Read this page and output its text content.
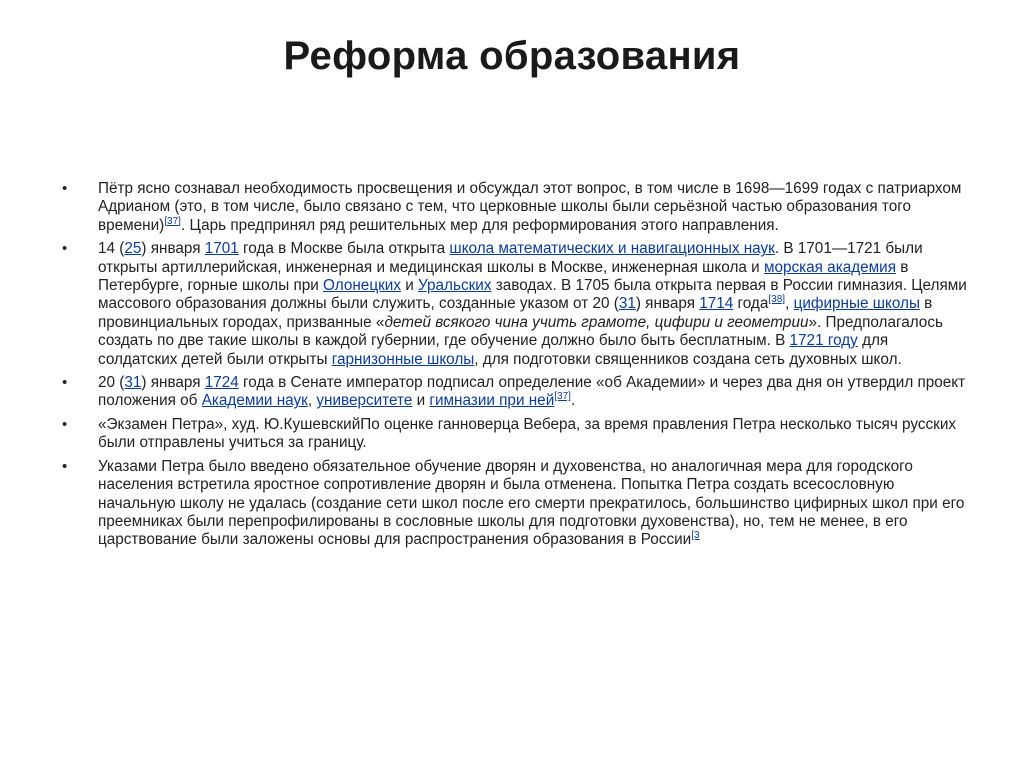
Реформа образования
• Пётр ясно сознавал необходимость просвещения и обсуждал этот вопрос, в том числе в 1698—1699 годах с патриархом Адрианом (это, в том числе, было связано с тем, что церковные школы были серьёзной частью образования того времени)[37]. Царь предпринял ряд решительных мер для реформирования этого направления.
• 14 (25) января 1701 года в Москве была открыта школа математических и навигационных наук. В 1701—1721 были открыты артиллерийская, инженерная и медицинская школы в Москве, инженерная школа и морская академия в Петербурге, горные школы при Олонецких и Уральских заводах. В 1705 была открыта первая в России гимназия. Целями массового образования должны были служить, созданные указом от 20 (31) января 1714 года[38], цифирные школы в провинциальных городах, призванные «детей всякого чина учить грамоте, цифири и геометрии». Предполагалось создать по две такие школы в каждой губернии, где обучение должно было быть бесплатным. В 1721 году для солдатских детей были открыты гарнизонные школы, для подготовки священников создана сеть духовных школ.
• 20 (31) января 1724 года в Сенате император подписал определение «об Академии» и через два дня он утвердил проект положения об Академии наук, университете и гимназии при ней[37].
• «Экзамен Петра», худ. Ю.КушевскийПо оценке ганноверца Вебера, за время правления Петра несколько тысяч русских были отправлены учиться за границу.
• Указами Петра было введено обязательное обучение дворян и духовенства, но аналогичная мера для городского населения встретила яростное сопротивление дворян и была отменена. Попытка Петра создать всесословную начальную школу не удалась (создание сети школ после его смерти прекратилось, большинство цифирных школ при его преемниках были перепрофилированы в сословные школы для подготовки духовенства), но, тем не менее, в его царствование были заложены основы для распространения образования в России$^{[3}$
